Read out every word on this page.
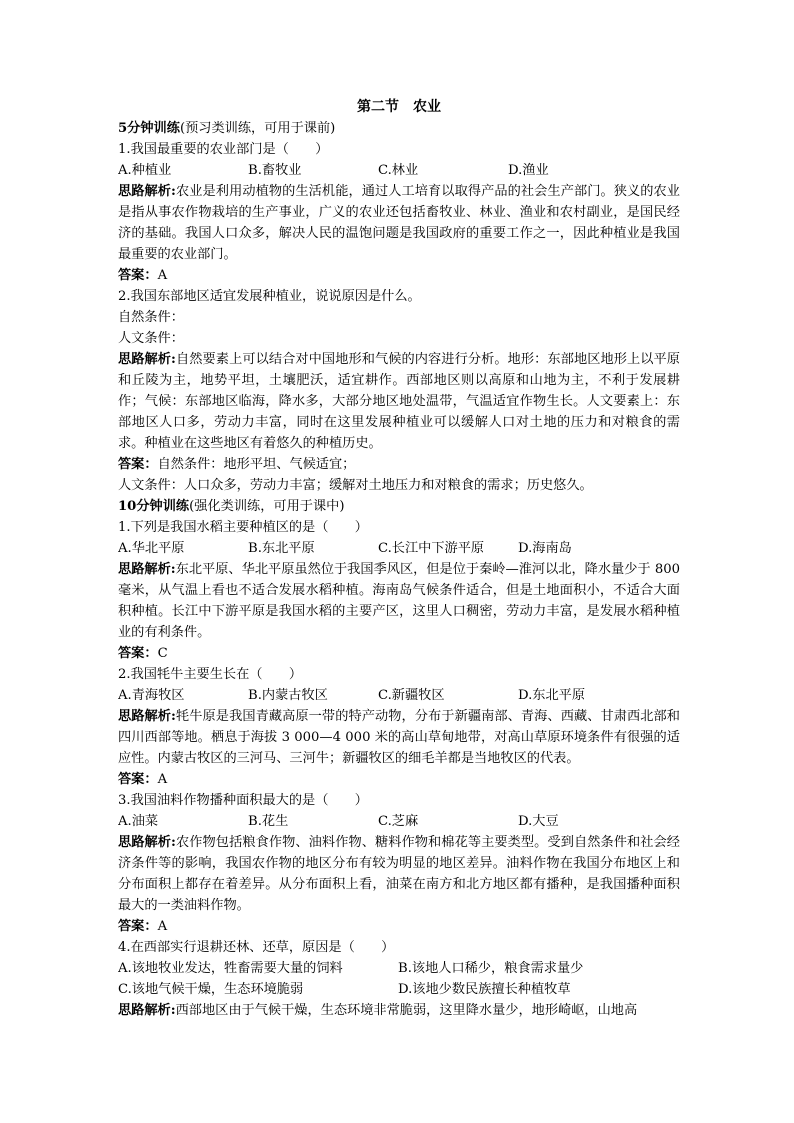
第二节　农业
5分钟训练(预习类训练，可用于课前)
1.我国最重要的农业部门是（　　）
A.种植业	B.畜牧业	C.林业	D.渔业
思路解析:农业是利用动植物的生活机能，通过人工培育以取得产品的社会生产部门。狭义的农业是指从事农作物栽培的生产事业，广义的农业还包括畜牧业、林业、渔业和农村副业，是国民经济的基础。我国人口众多，解决人民的温饱问题是我国政府的重要工作之一，因此种植业是我国最重要的农业部门。
答案：A
2.我国东部地区适宜发展种植业，说说原因是什么。
自然条件：
人文条件：
思路解析:自然要素上可以结合对中国地形和气候的内容进行分析。地形：东部地区地形上以平原和丘陵为主，地势平坦，土壤肥沃，适宜耕作。西部地区则以高原和山地为主，不利于发展耕作；气候：东部地区临海，降水多，大部分地区地处温带，气温适宜作物生长。人文要素上：东部地区人口多，劳动力丰富，同时在这里发展种植业可以缓解人口对土地的压力和对粮食的需求。种植业在这些地区有着悠久的种植历史。
答案：自然条件：地形平坦、气候适宜；
人文条件：人口众多，劳动力丰富；缓解对土地压力和对粮食的需求；历史悠久。
10分钟训练(强化类训练，可用于课中)
1.下列是我国水稻主要种植区的是（　　）
A.华北平原	B.东北平原	C.长江中下游平原	D.海南岛
思路解析:东北平原、华北平原虽然位于我国季风区，但是位于秦岭—淮河以北，降水量少于 800毫米，从气温上看也不适合发展水稻种植。海南岛气候条件适合，但是土地面积小，不适合大面积种植。长江中下游平原是我国水稻的主要产区，这里人口稠密，劳动力丰富，是发展水稻种植业的有利条件。
答案：C
2.我国牦牛主要生长在（　　）
A.青海牧区	B.内蒙古牧区	C.新疆牧区	D.东北平原
思路解析:牦牛原是我国青藏高原一带的特产动物，分布于新疆南部、青海、西藏、甘肃西北部和四川西部等地。栖息于海拔 3 000—4 000 米的高山草甸地带，对高山草原环境条件有很强的适应性。内蒙古牧区的三河马、三河牛；新疆牧区的细毛羊都是当地牧区的代表。
答案：A
3.我国油料作物播种面积最大的是（　　）
A.油菜	B.花生	C.芝麻	D.大豆
思路解析:农作物包括粮食作物、油料作物、糖料作物和棉花等主要类型。受到自然条件和社会经济条件等的影响，我国农作物的地区分布有较为明显的地区差异。油料作物在我国分布地区上和分布面积上都存在着差异。从分布面积上看，油菜在南方和北方地区都有播种，是我国播种面积最大的一类油料作物。
答案：A
4.在西部实行退耕还林、还草，原因是（　　）
A.该地牧业发达，牲畜需要大量的饲料	B.该地人口稀少，粮食需求量少
C.该地气候干燥，生态环境脆弱	D.该地少数民族擅长种植牧草
思路解析:西部地区由于气候干燥，生态环境非常脆弱，这里降水量少，地形崎岖，山地高
